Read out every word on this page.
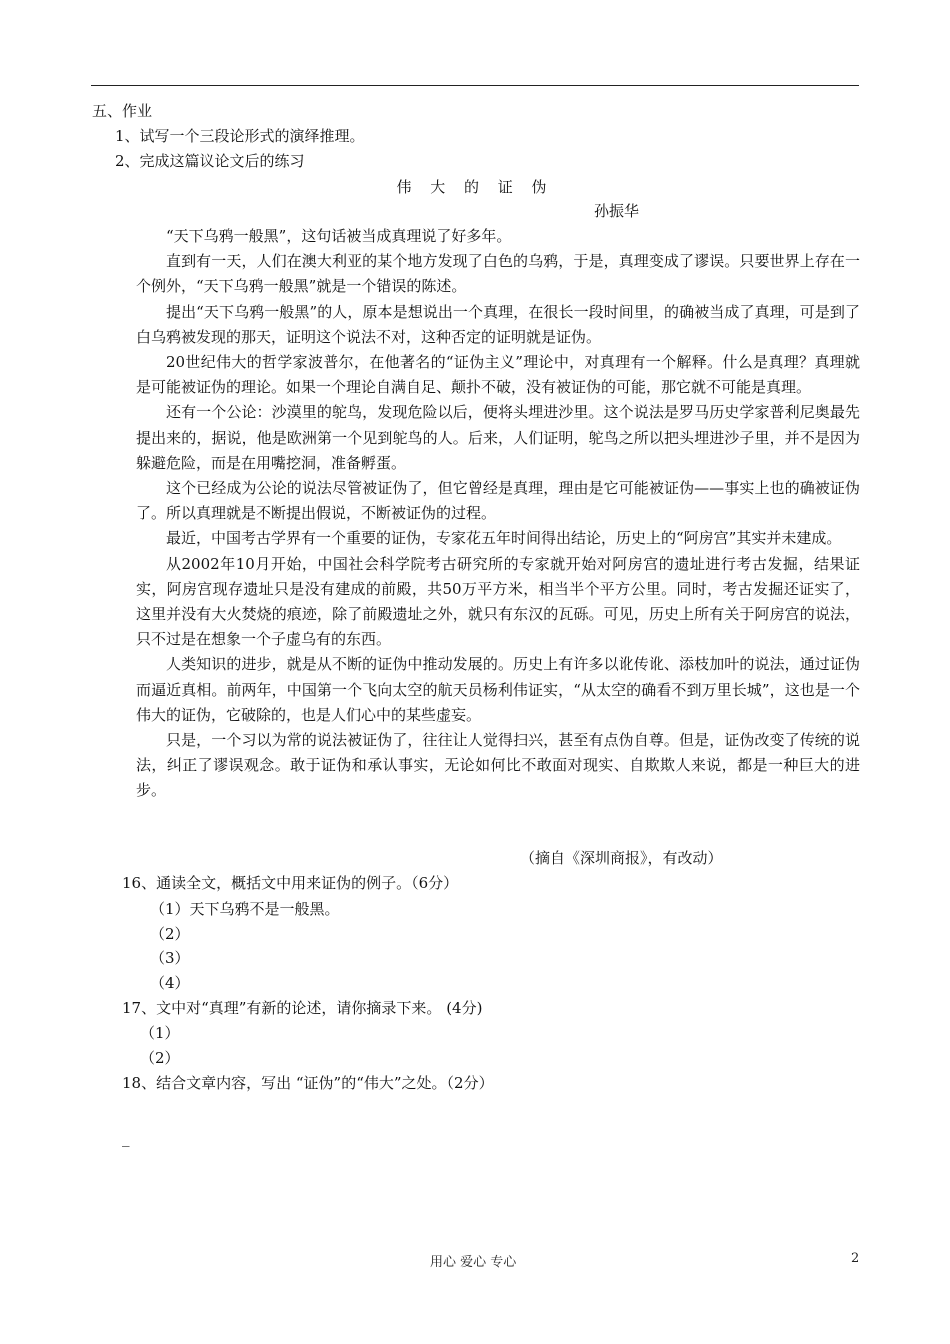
五、作业
1、试写一个三段论形式的演绎推理。
2、完成这篇议论文后的练习
伟 大 的 证 伪
孙振华
“天下乌鸦一般黑”，这句话被当成真理说了好多年。
直到有一天，人们在澳大利亚的某个地方发现了白色的乌鸦，于是，真理变成了谬误。只要世界上存在一个例外，“天下乌鸦一般黑”就是一个错误的陈述。
提出“天下乌鸦一般黑”的人，原本是想说出一个真理，在很长一段时间里，的确被当成了真理，可是到了白乌鸦被发现的那天，证明这个说法不对，这种否定的证明就是证伪。
20世纪伟大的哲学家波普尔，在他著名的“证伪主义”理论中，对真理有一个解释。什么是真理？真理就是可能被证伪的理论。如果一个理论自满自足、颠扑不破，没有被证伪的可能，那它就不可能是真理。
还有一个公论：沙漠里的鸵鸟，发现危险以后，便将头埋进沙里。这个说法是罗马历史学家普利尼奥最先提出来的，据说，他是欧洲第一个见到鸵鸟的人。后来，人们证明，鸵鸟之所以把头埋进沙子里，并不是因为躲避危险，而是在用嘴挖洞，准备孵蛋。
这个已经成为公论的说法尽管被证伪了，但它曾经是真理，理由是它可能被证伪——事实上也的确被证伪了。所以真理就是不断提出假说，不断被证伪的过程。
最近，中国考古学界有一个重要的证伪，专家花五年时间得出结论，历史上的“阿房宫”其实并未建成。
从2002年10月开始，中国社会科学院考古研究所的专家就开始对阿房宫的遗址进行考古发掘，结果证实，阿房宫现存遗址只是没有建成的前殿，共50万平方米，相当半个平方公里。同时，考古发掘还证实了，这里并没有大火焚烧的痕迹，除了前殿遗址之外，就只有东汉的瓦砾。可见，历史上所有关于阿房宫的说法，只不过是在想象一个子虚乌有的东西。
人类知识的进步，就是从不断的证伪中推动发展的。历史上有许多以讹传讹、添枝加叶的说法，通过证伪而逼近真相。前两年，中国第一个飞向太空的航天员杨利伟证实，“从太空的确看不到万里长城”，这也是一个伟大的证伪，它破除的，也是人们心中的某些虚妄。
只是，一个习以为常的说法被证伪了，往往让人觉得扫兴，甚至有点伪自尊。但是，证伪改变了传统的说法，纠正了谬误观念。敢于证伪和承认事实，无论如何比不敢面对现实、自欺欺人来说，都是一种巨大的进步。
（摘自《深圳商报》，有改动）
16、通读全文，概括文中用来证伪的例子。（6分）
（1）天下乌鸦不是一般黑。
（2）
（3）
（4）
17、文中对“真理”有新的论述，请你摘录下来。 (4分)
（1）
（2）
18、结合文章内容，写出 “证伪”的“伟大”之处。（2分）
_
用心 爱心 专心	2
